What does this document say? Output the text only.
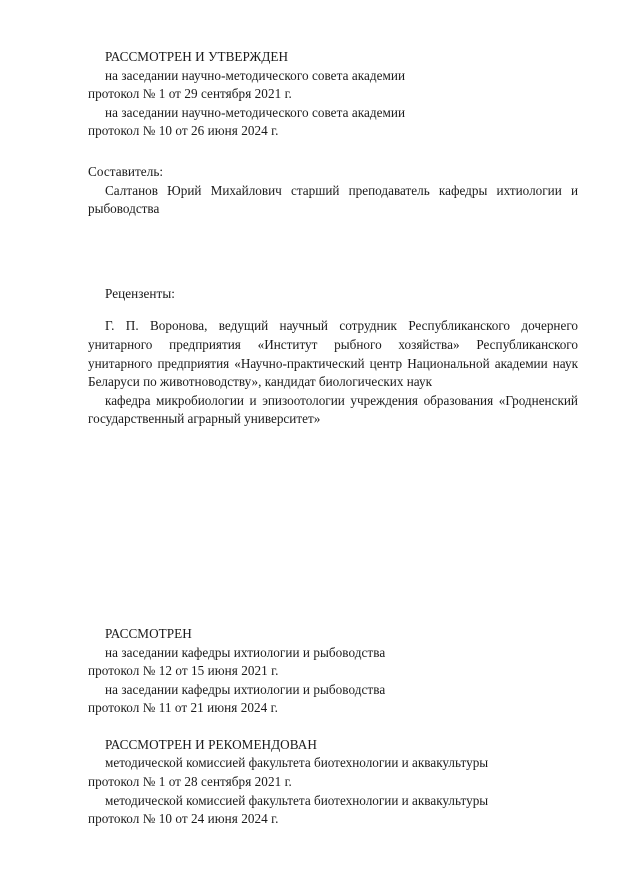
РАССМОТРЕН И УТВЕРЖДЕН

на заседании научно-методического совета академии

протокол № 1 от 29 сентября 2021 г.

на заседании научно-методического совета академии

протокол № 10 от 26 июня 2024 г.

Составитель:

Салтанов Юрий Михайлович старший преподаватель кафедры ихтиологии и рыбоводства

Рецензенты:

Г. П. Воронова, ведущий научный сотрудник Республиканского дочернего унитарного предприятия «Институт рыбного хозяйства» Республиканского унитарного предприятия «Научно-практический центр Национальной академии наук Беларуси по животноводству», кандидат биологических наук

кафедра микробиологии и эпизоотологии учреждения образования «Гродненский государственный аграрный университет»

РАССМОТРЕН

на заседании кафедры ихтиологии и рыбоводства

протокол № 12 от 15 июня 2021 г.

на заседании кафедры ихтиологии и рыбоводства

протокол № 11 от 21 июня 2024 г.

РАССМОТРЕН И РЕКОМЕНДОВАН

методической комиссией факультета биотехнологии и аквакультуры

протокол № 1 от 28 сентября 2021 г.

методической комиссией факультета биотехнологии и аквакультуры

протокол № 10 от 24 июня 2024 г.
